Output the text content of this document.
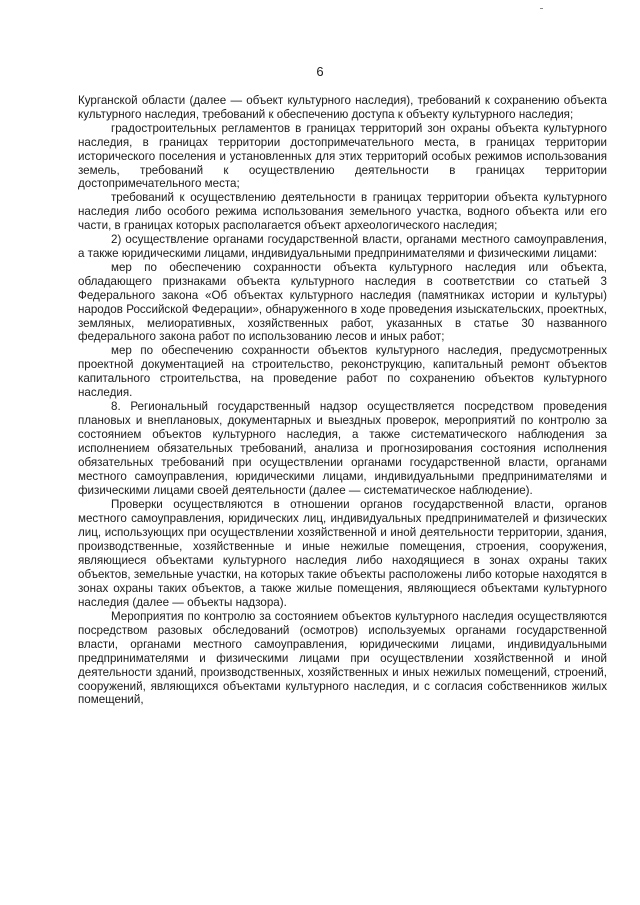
6

Курганской области (далее — объект культурного наследия), требований к сохранению объекта культурного наследия, требований к обеспечению доступа к объекту культурного наследия;

градостроительных регламентов в границах территорий зон охраны объекта культурного наследия, в границах территории достопримечательного места, в границах территории исторического поселения и установленных для этих территорий особых режимов использования земель, требований к осуществлению деятельности в границах территории достопримечательного места;

требований к осуществлению деятельности в границах территории объекта культурного наследия либо особого режима использования земельного участка, водного объекта или его части, в границах которых располагается объект археологического наследия;

2) осуществление органами государственной власти, органами местного самоуправления, а также юридическими лицами, индивидуальными предпринимателями и физическими лицами:

мер по обеспечению сохранности объекта культурного наследия или объекта, обладающего признаками объекта культурного наследия в соответствии со статьей 3 Федерального закона «Об объектах культурного наследия (памятниках истории и культуры) народов Российской Федерации», обнаруженного в ходе проведения изыскательских, проектных, земляных, мелиоративных, хозяйственных работ, указанных в статье 30 названного федерального закона работ по использованию лесов и иных работ;

мер по обеспечению сохранности объектов культурного наследия, предусмотренных проектной документацией на строительство, реконструкцию, капитальный ремонт объектов капитального строительства, на проведение работ по сохранению объектов культурного наследия.

8. Региональный государственный надзор осуществляется посредством проведения плановых и внеплановых, документарных и выездных проверок, мероприятий по контролю за состоянием объектов культурного наследия, а также систематического наблюдения за исполнением обязательных требований, анализа и прогнозирования состояния исполнения обязательных требований при осуществлении органами государственной власти, органами местного самоуправления, юридическими лицами, индивидуальными предпринимателями и физическими лицами своей деятельности (далее — систематическое наблюдение).

Проверки осуществляются в отношении органов государственной власти, органов местного самоуправления, юридических лиц, индивидуальных предпринимателей и физических лиц, использующих при осуществлении хозяйственной и иной деятельности территории, здания, производственные, хозяйственные и иные нежилые помещения, строения, сооружения, являющиеся объектами культурного наследия либо находящиеся в зонах охраны таких объектов, земельные участки, на которых такие объекты расположены либо которые находятся в зонах охраны таких объектов, а также жилые помещения, являющиеся объектами культурного наследия (далее — объекты надзора).

Мероприятия по контролю за состоянием объектов культурного наследия осуществляются посредством разовых обследований (осмотров) используемых органами государственной власти, органами местного самоуправления, юридическими лицами, индивидуальными предпринимателями и физическими лицами при осуществлении хозяйственной и иной деятельности зданий, производственных, хозяйственных и иных нежилых помещений, строений, сооружений, являющихся объектами культурного наследия, и с согласия собственников жилых помещений,
